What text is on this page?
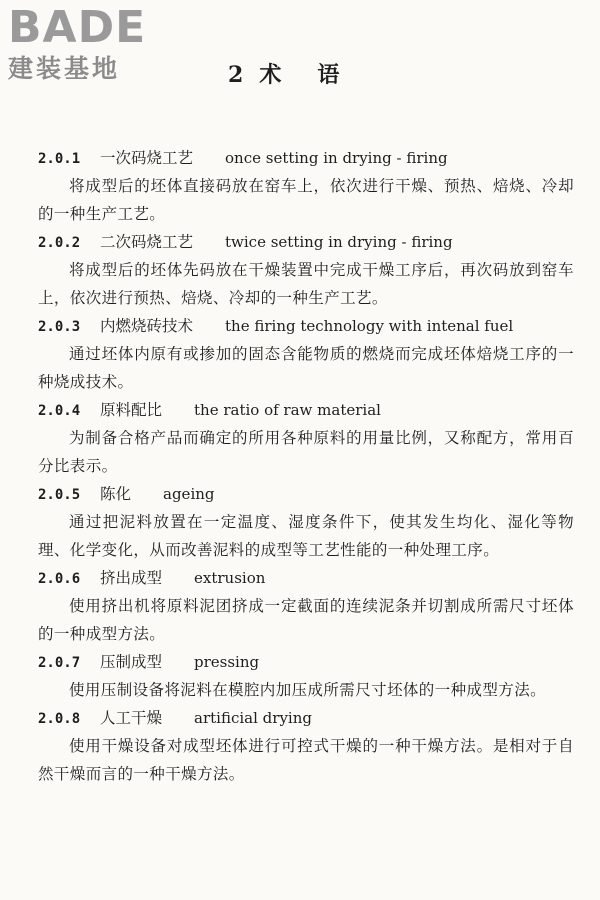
BADE
建装基地	2 术 语
2.0.1 一次码烧工艺 once setting in drying - firing
将成型后的坯体直接码放在窑车上，依次进行干燥、预热、焙烧、冷却的一种生产工艺。
2.0.2 二次码烧工艺 twice setting in drying - firing
将成型后的坯体先码放在干燥装置中完成干燥工序后，再次码放到窑车上，依次进行预热、焙烧、冷却的一种生产工艺。
2.0.3 内燃烧砖技术 the firing technology with intenal fuel
通过坯体内原有或掺加的固态含能物质的燃烧而完成坯体焙烧工序的一种烧成技术。
2.0.4 原料配比 the ratio of raw material
为制备合格产品而确定的所用各种原料的用量比例，又称配方，常用百分比表示。
2.0.5 陈化 ageing
通过把泥料放置在一定温度、湿度条件下，使其发生均化、湿化等物理、化学变化，从而改善泥料的成型等工艺性能的一种处理工序。
2.0.6 挤出成型 extrusion
使用挤出机将原料泥团挤成一定截面的连续泥条并切割成所需尺寸坯体的一种成型方法。
2.0.7 压制成型 pressing
使用压制设备将泥料在模腔内加压成所需尺寸坯体的一种成型方法。
2.0.8 人工干燥 artificial drying
使用干燥设备对成型坯体进行可控式干燥的一种干燥方法。是相对于自然干燥而言的一种干燥方法。
